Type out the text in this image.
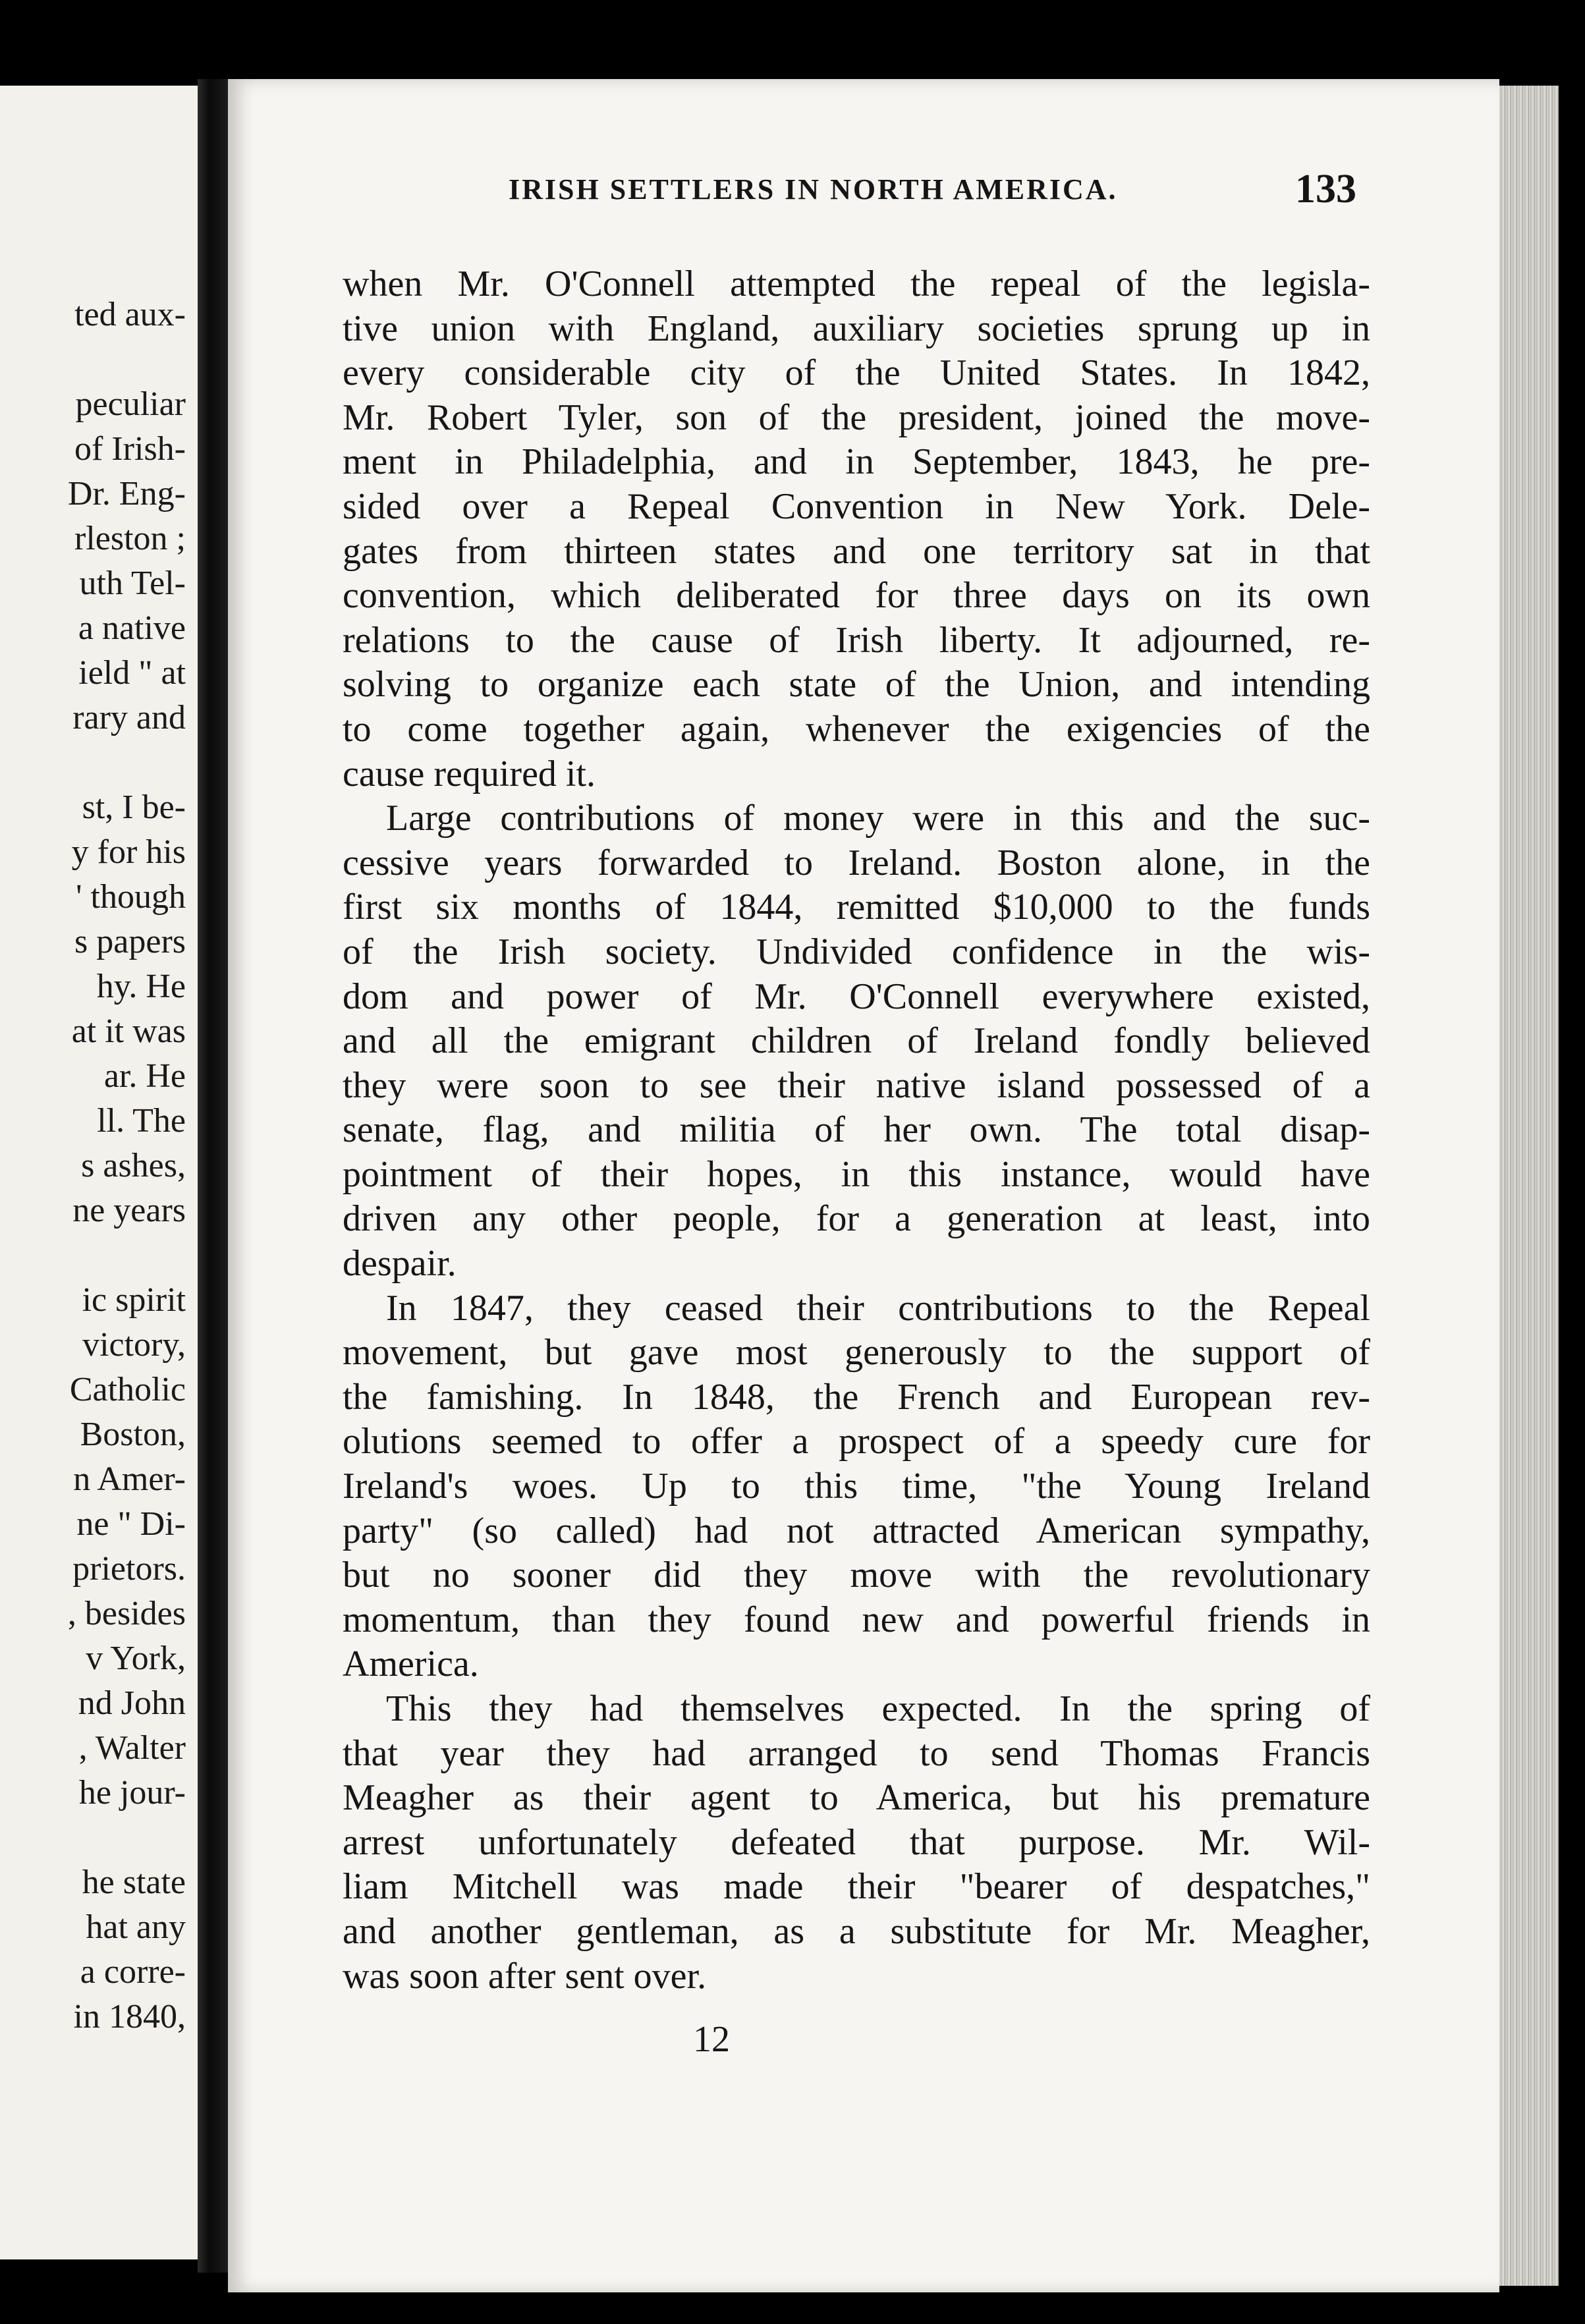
ted aux-
peculiar
of Irish-
Dr. Eng-
rleston ;
uth Tel-
a native
ield " at
rary and
st, I be-
y for his
' though
s papers
hy. He
at it was
ar. He
ll. The
s ashes,
ne years
ic spirit
victory,
Catholic
Boston,
n Amer-
ne " Di-
prietors.
, besides
v York,
nd John
, Walter
he jour-
he state
hat any
a corre-
in 1840,
IRISH SETTLERS IN NORTH AMERICA.	133
when Mr. O'Connell attempted the repeal of the legisla-
tive union with England, auxiliary societies sprung up in
every considerable city of the United States. In 1842,
Mr. Robert Tyler, son of the president, joined the move-
ment in Philadelphia, and in September, 1843, he pre-
sided over a Repeal Convention in New York. Dele-
gates from thirteen states and one territory sat in that
convention, which deliberated for three days on its own
relations to the cause of Irish liberty. It adjourned, re-
solving to organize each state of the Union, and intending
to come together again, whenever the exigencies of the
cause required it.
Large contributions of money were in this and the suc-
cessive years forwarded to Ireland. Boston alone, in the
first six months of 1844, remitted $10,000 to the funds
of the Irish society. Undivided confidence in the wis-
dom and power of Mr. O'Connell everywhere existed,
and all the emigrant children of Ireland fondly believed
they were soon to see their native island possessed of a
senate, flag, and militia of her own. The total disap-
pointment of their hopes, in this instance, would have
driven any other people, for a generation at least, into
despair.
In 1847, they ceased their contributions to the Repeal
movement, but gave most generously to the support of
the famishing. In 1848, the French and European rev-
olutions seemed to offer a prospect of a speedy cure for
Ireland's woes. Up to this time, "the Young Ireland
party" (so called) had not attracted American sympathy,
but no sooner did they move with the revolutionary
momentum, than they found new and powerful friends in
America.
This they had themselves expected. In the spring of
that year they had arranged to send Thomas Francis
Meagher as their agent to America, but his premature
arrest unfortunately defeated that purpose. Mr. Wil-
liam Mitchell was made their "bearer of despatches,"
and another gentleman, as a substitute for Mr. Meagher,
was soon after sent over.
12
